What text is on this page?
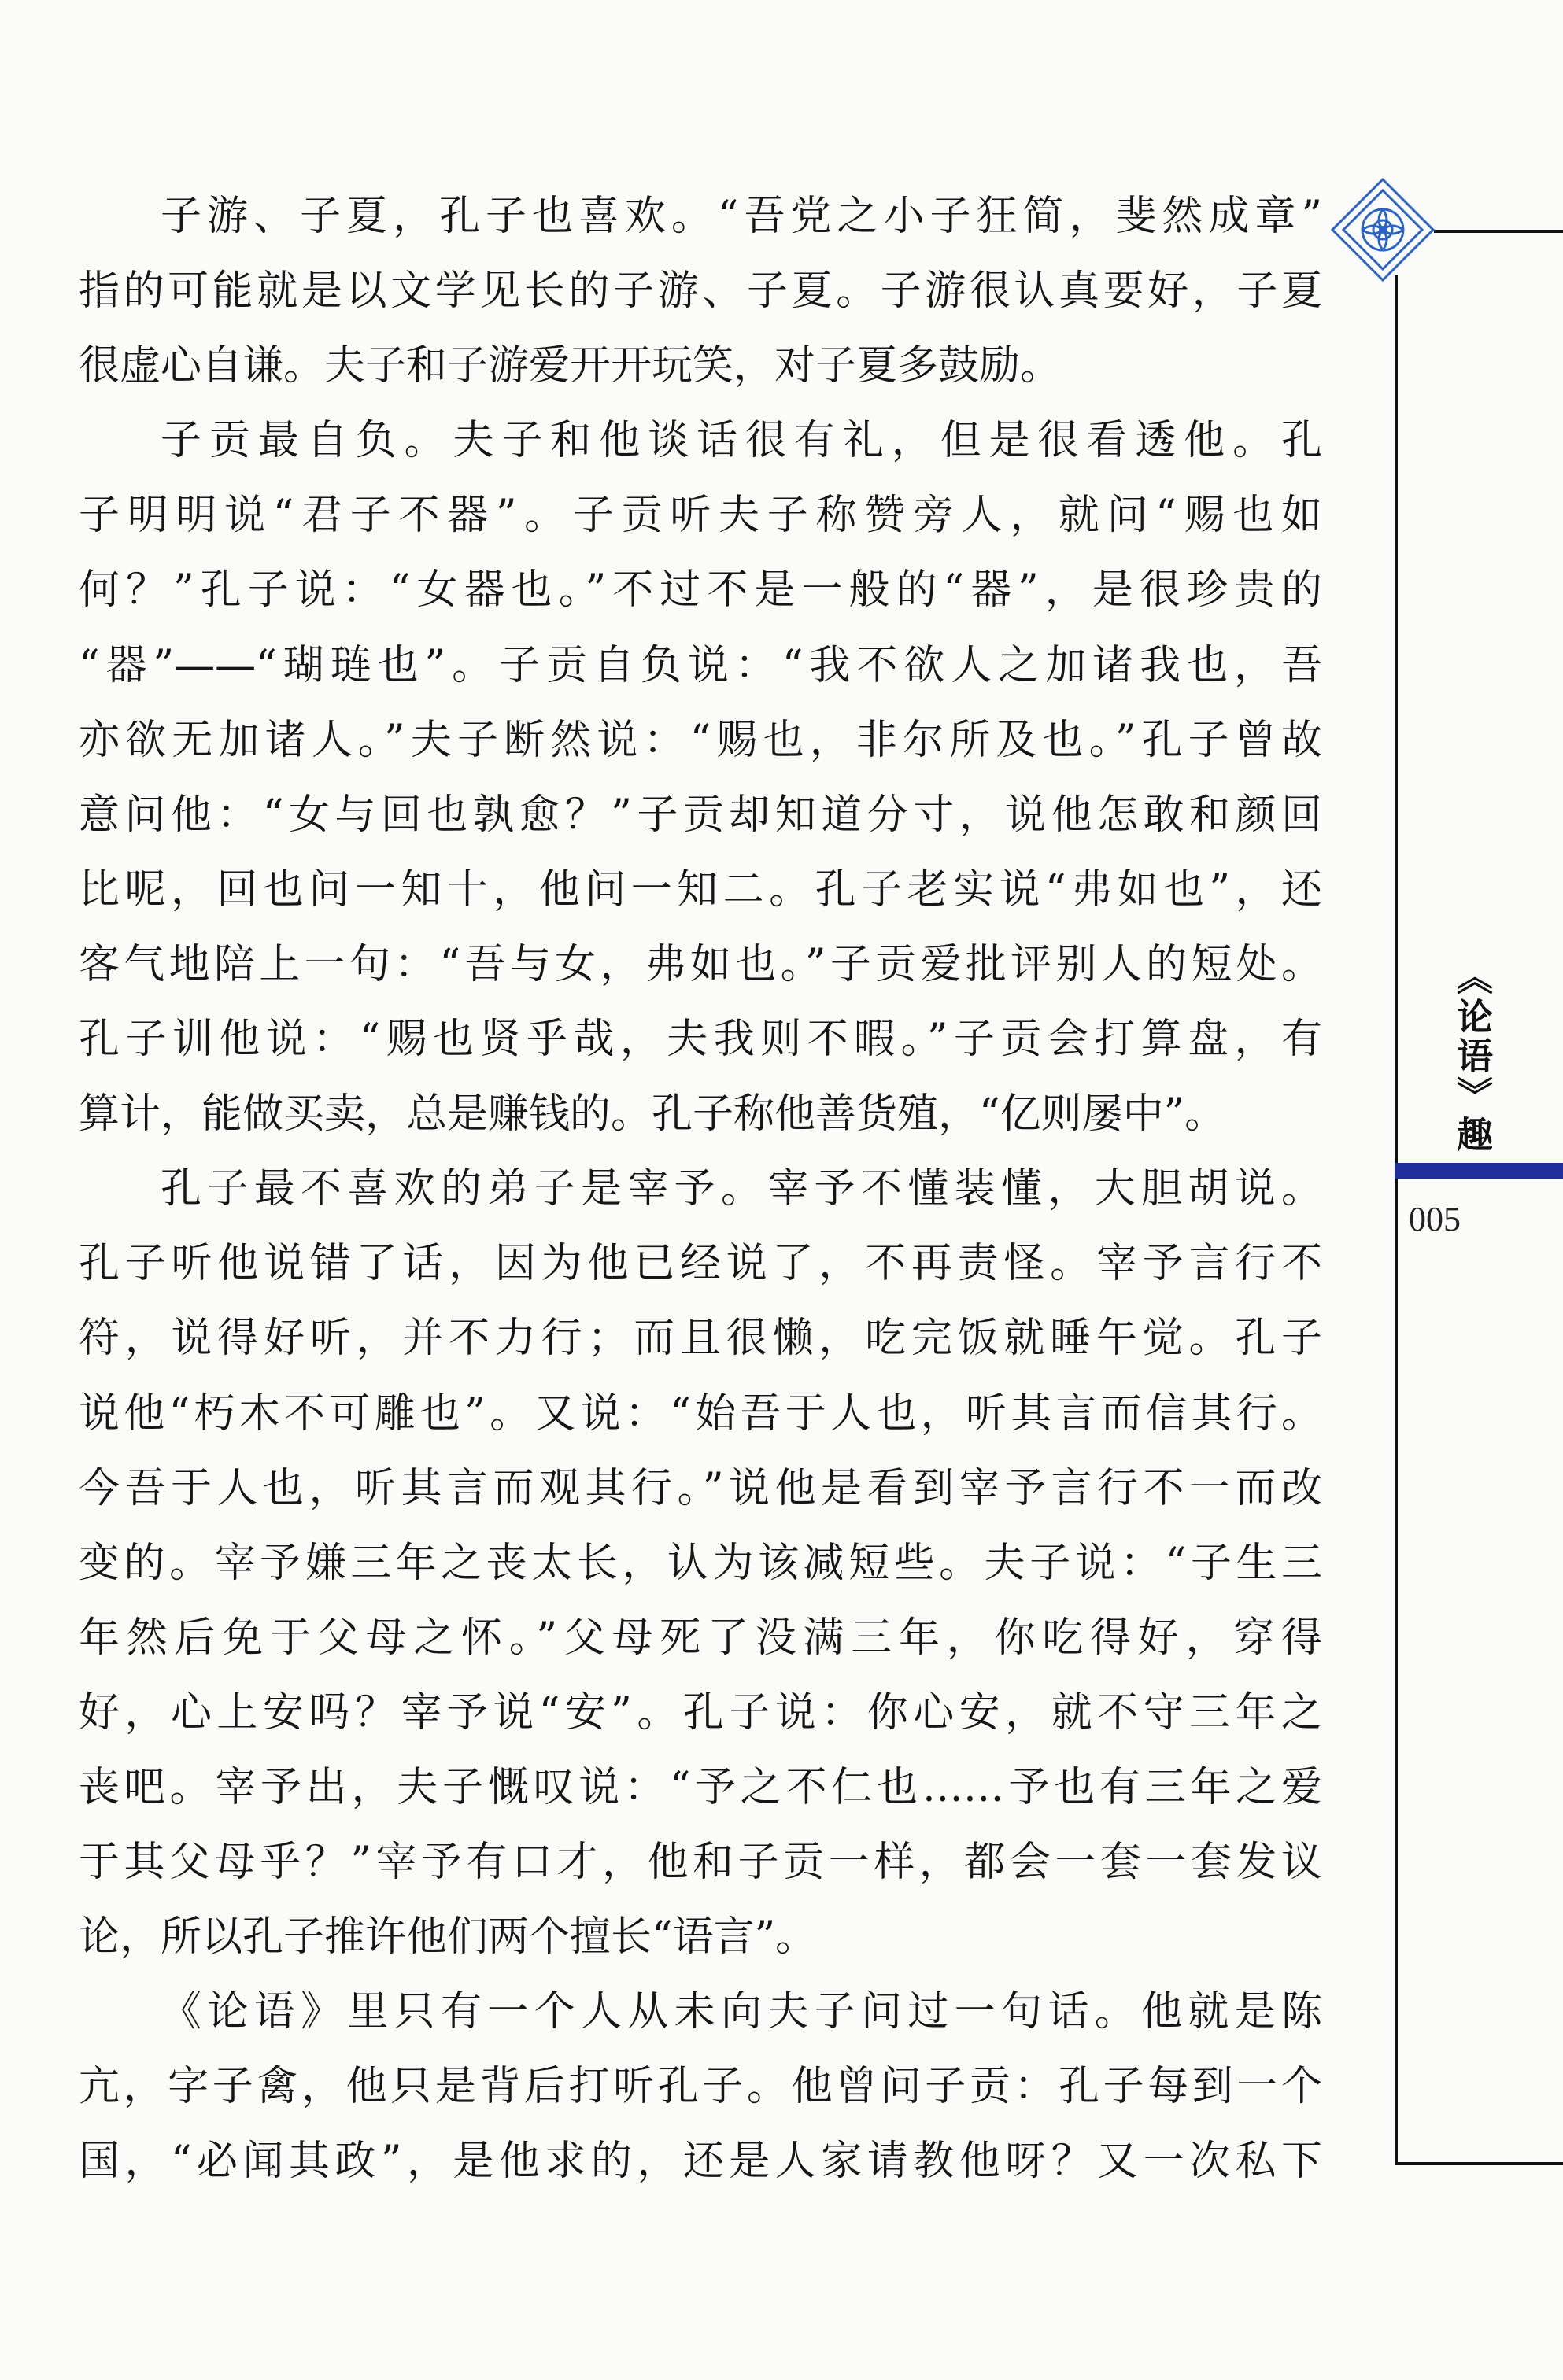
子游、子夏，孔子也喜欢。“吾党之小子狂简，斐然成章”
指的可能就是以文学见长的子游、子夏。子游很认真要好，子夏
很虚心自谦。夫子和子游爱开开玩笑，对子夏多鼓励。
子贡最自负。夫子和他谈话很有礼，但是很看透他。孔
子明明说“君子不器”。子贡听夫子称赞旁人，就问“赐也如
何？”孔子说：“女器也。”不过不是一般的“器”，是很珍贵的
“器”——“瑚琏也”。子贡自负说：“我不欲人之加诸我也，吾
亦欲无加诸人。”夫子断然说：“赐也，非尔所及也。”孔子曾故
意问他：“女与回也孰愈？”子贡却知道分寸，说他怎敢和颜回
比呢，回也问一知十，他问一知二。孔子老实说“弗如也”，还
客气地陪上一句：“吾与女，弗如也。”子贡爱批评别人的短处。
孔子训他说：“赐也贤乎哉，夫我则不暇。”子贡会打算盘，有
算计，能做买卖，总是赚钱的。孔子称他善货殖，“亿则屡中”。
孔子最不喜欢的弟子是宰予。宰予不懂装懂，大胆胡说。
孔子听他说错了话，因为他已经说了，不再责怪。宰予言行不
符，说得好听，并不力行；而且很懒，吃完饭就睡午觉。孔子
说他“朽木不可雕也”。又说：“始吾于人也，听其言而信其行。
今吾于人也，听其言而观其行。”说他是看到宰予言行不一而改
变的。宰予嫌三年之丧太长，认为该减短些。夫子说：“子生三
年然后免于父母之怀。”父母死了没满三年，你吃得好，穿得
好，心上安吗？宰予说“安”。孔子说：你心安，就不守三年之
丧吧。宰予出，夫子慨叹说：“予之不仁也……予也有三年之爱
于其父母乎？”宰予有口才，他和子贡一样，都会一套一套发议
论，所以孔子推许他们两个擅长“语言”。
《论语》里只有一个人从未向夫子问过一句话。他就是陈
亢，字子禽，他只是背后打听孔子。他曾问子贡：孔子每到一个
国，“必闻其政”，是他求的，还是人家请教他呀？又一次私下
《论语》趣
005
